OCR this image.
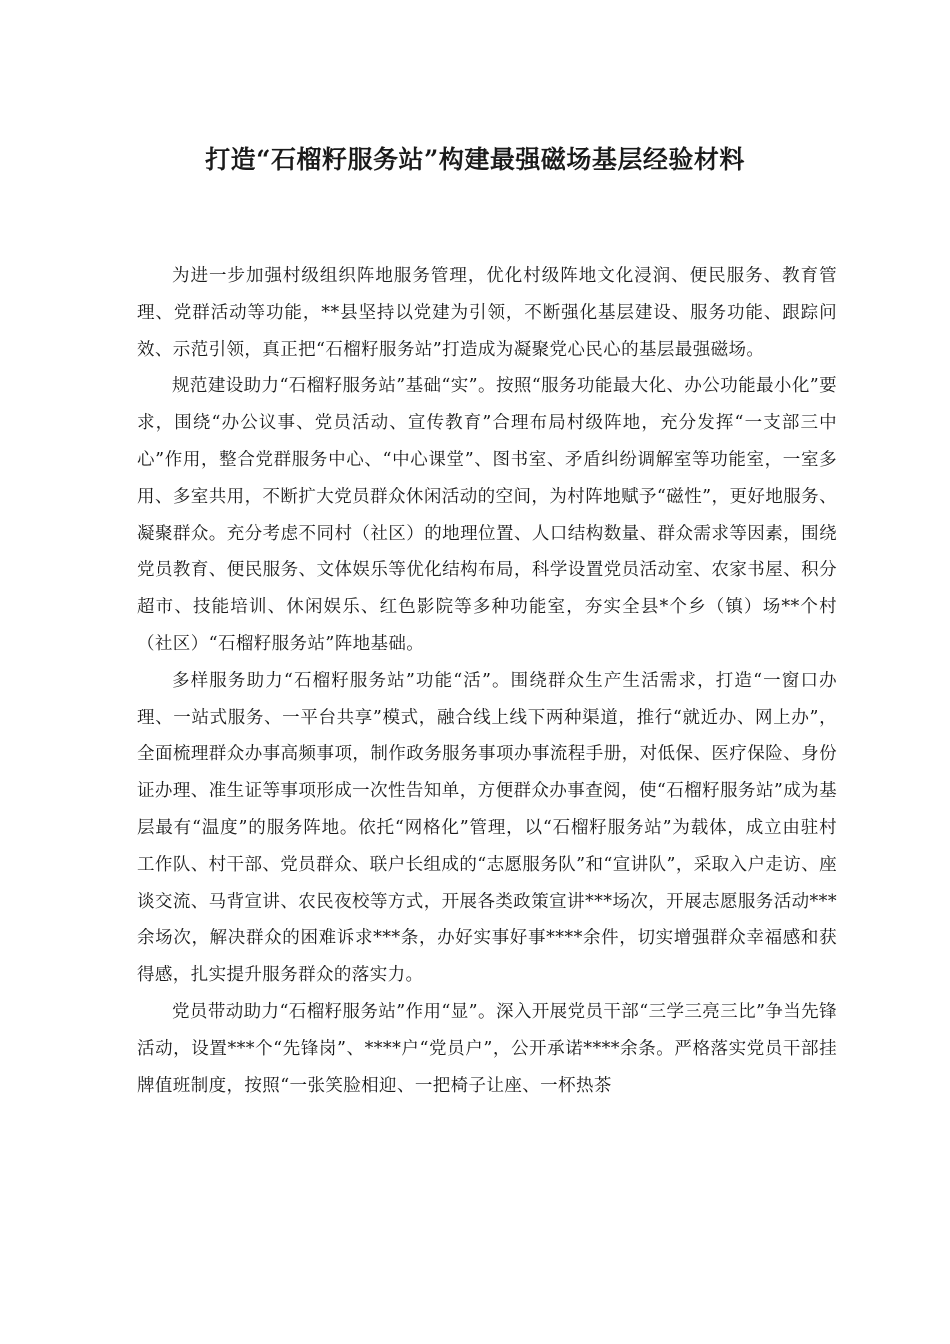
打造“石榴籽服务站”构建最强磁场基层经验材料

为进一步加强村级组织阵地服务管理，优化村级阵地文化浸润、便民服务、教育管理、党群活动等功能，**县坚持以党建为引领，不断强化基层建设、服务功能、跟踪问效、示范引领，真正把“石榴籽服务站”打造成为凝聚党心民心的基层最强磁场。

规范建设助力“石榴籽服务站”基础“实”。按照“服务功能最大化、办公功能最小化”要求，围绕“办公议事、党员活动、宣传教育”合理布局村级阵地，充分发挥“一支部三中心”作用，整合党群服务中心、“中心课堂”、图书室、矛盾纠纷调解室等功能室，一室多用、多室共用，不断扩大党员群众休闲活动的空间，为村阵地赋予“磁性”，更好地服务、凝聚群众。充分考虑不同村（社区）的地理位置、人口结构数量、群众需求等因素，围绕党员教育、便民服务、文体娱乐等优化结构布局，科学设置党员活动室、农家书屋、积分超市、技能培训、休闲娱乐、红色影院等多种功能室，夯实全县*个乡（镇）场**个村（社区）“石榴籽服务站”阵地基础。

多样服务助力“石榴籽服务站”功能“活”。围绕群众生产生活需求，打造“一窗口办理、一站式服务、一平台共享”模式，融合线上线下两种渠道，推行“就近办、网上办”，全面梳理群众办事高频事项，制作政务服务事项办事流程手册，对低保、医疗保险、身份证办理、准生证等事项形成一次性告知单，方便群众办事查阅，使“石榴籽服务站”成为基层最有“温度”的服务阵地。依托“网格化”管理，以“石榴籽服务站”为载体，成立由驻村工作队、村干部、党员群众、联户长组成的“志愿服务队”和“宣讲队”，采取入户走访、座谈交流、马背宣讲、农民夜校等方式，开展各类政策宣讲***场次，开展志愿服务活动***余场次，解决群众的困难诉求***条，办好实事好事****余件，切实增强群众幸福感和获得感，扎实提升服务群众的落实力。

党员带动助力“石榴籽服务站”作用“显”。深入开展党员干部“三学三亮三比”争当先锋活动，设置***个“先锋岗”、****户“党员户”，公开承诺****余条。严格落实党员干部挂牌值班制度，按照“一张笑脸相迎、一把椅子让座、一杯热茶
